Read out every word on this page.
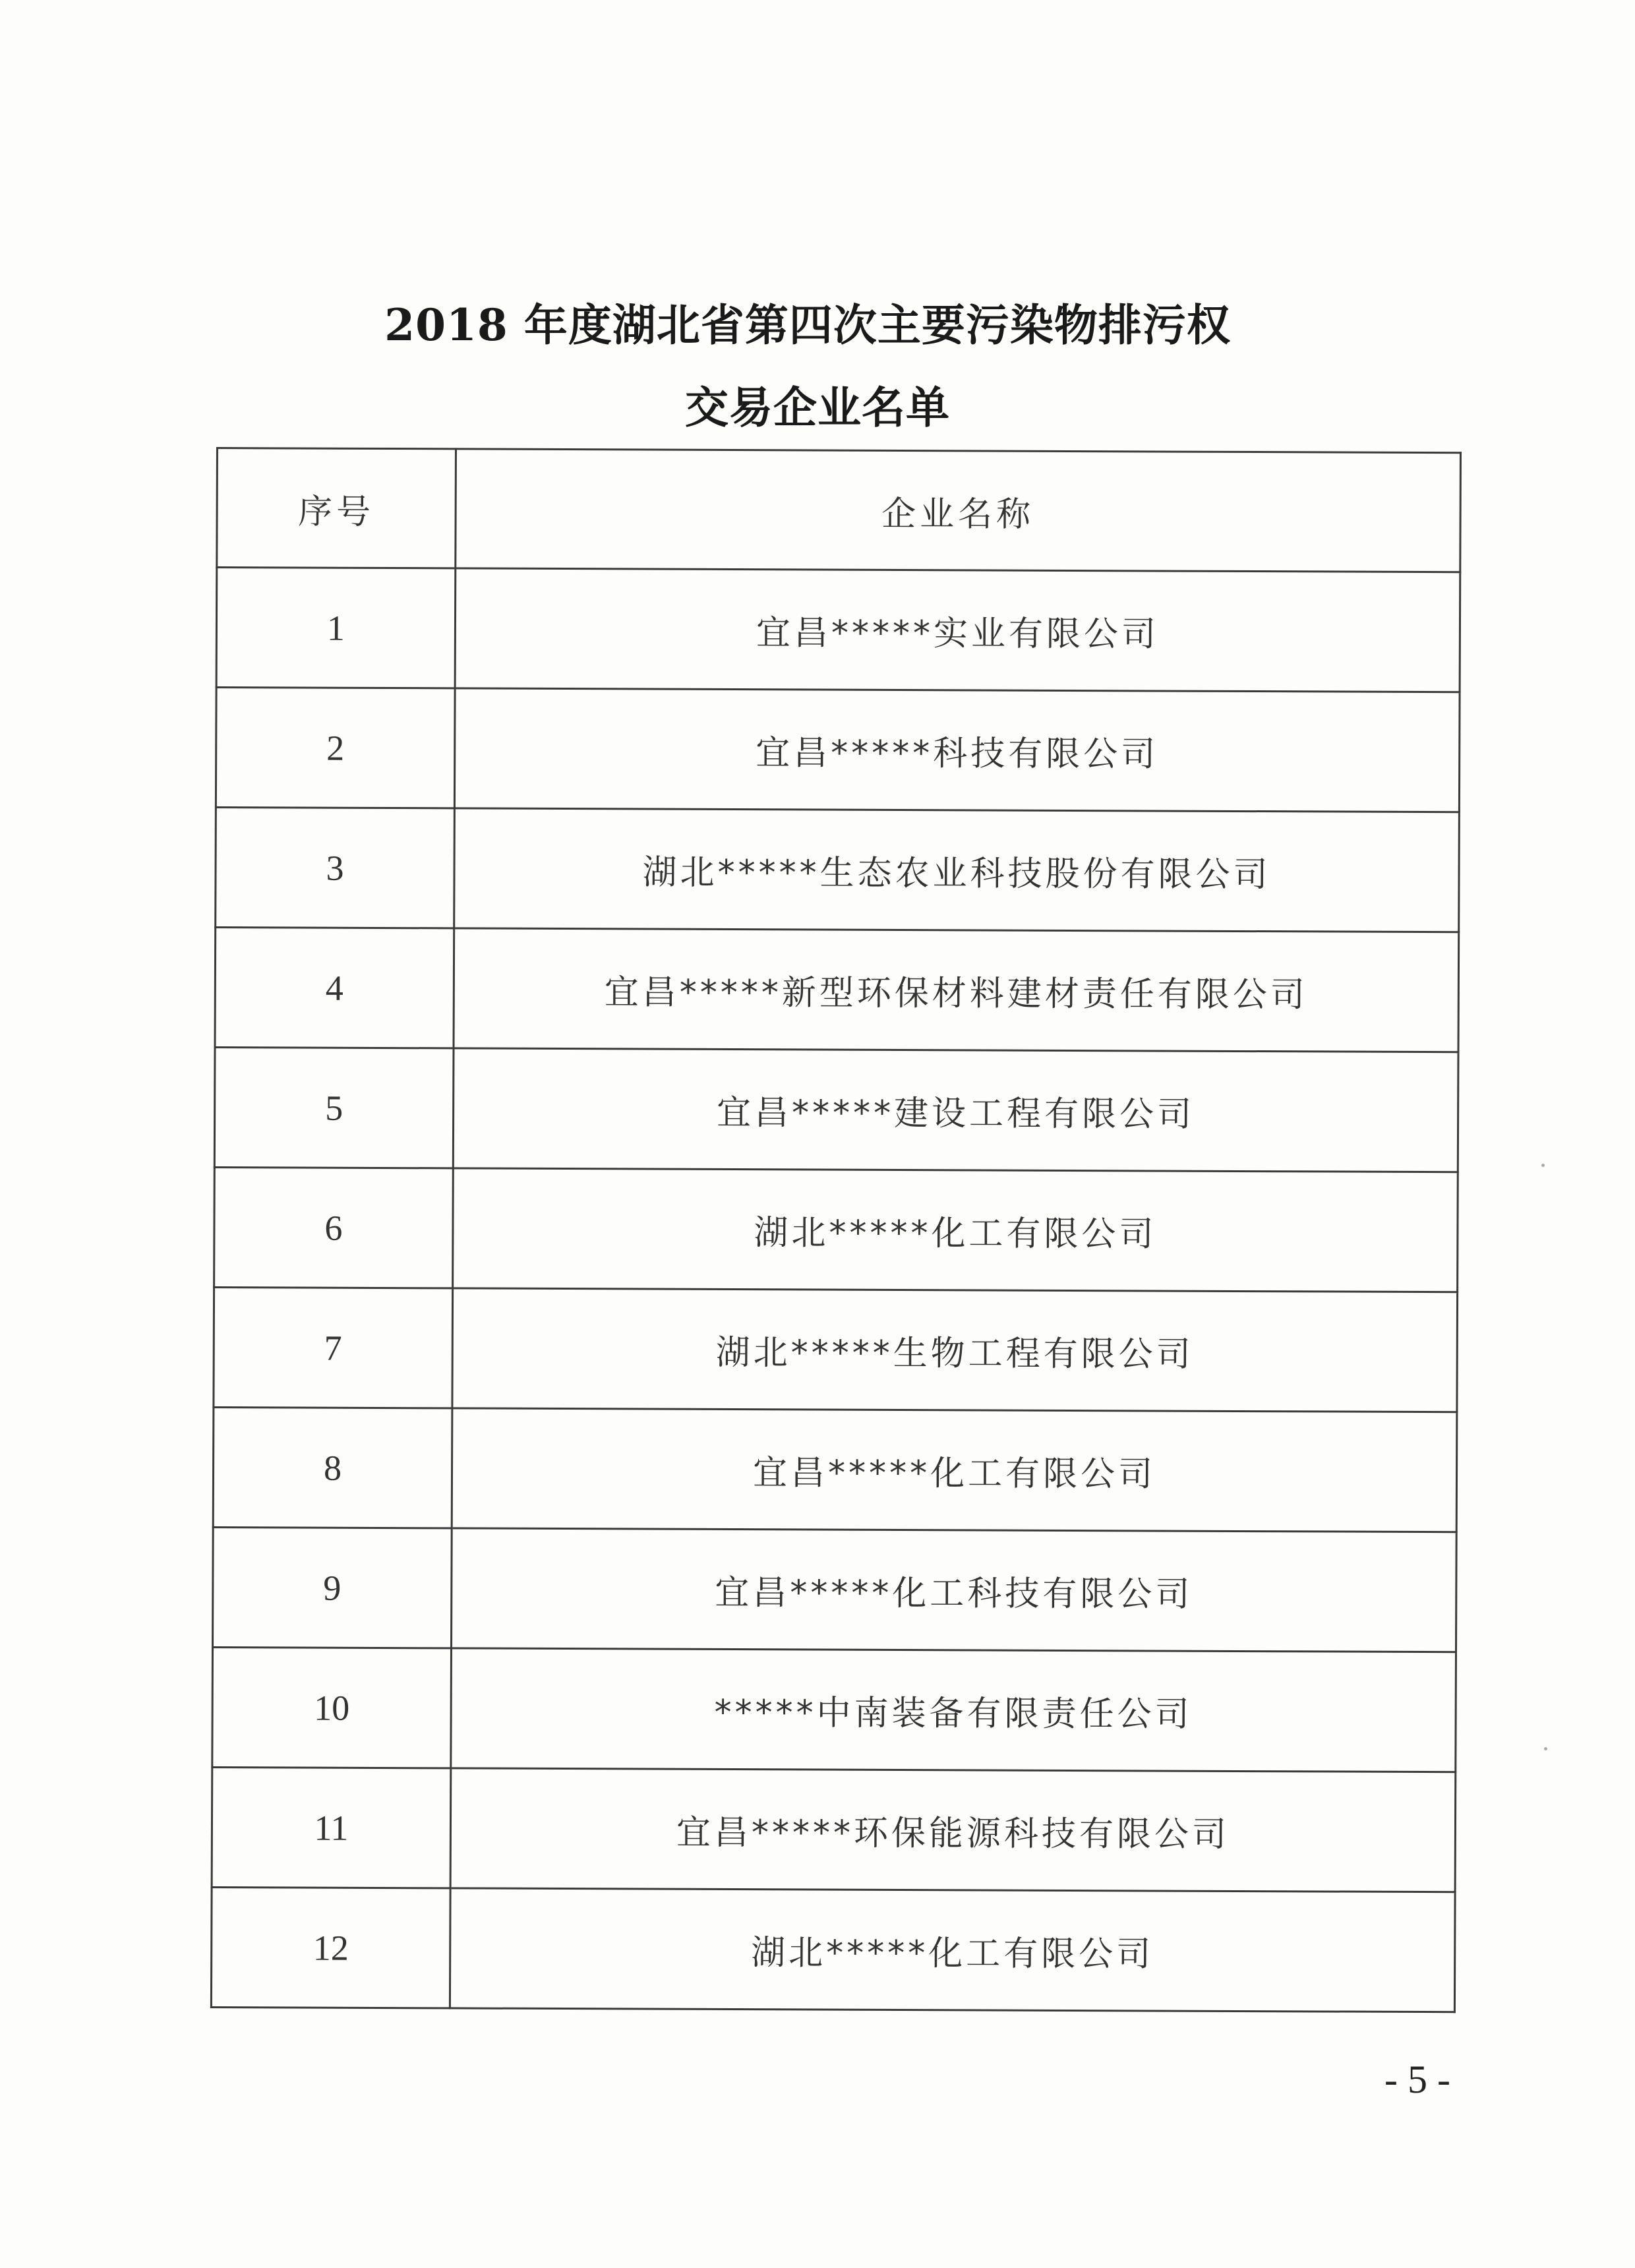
2018 年度湖北省第四次主要污染物排污权
交易企业名单
序号	企业名称
1	宜昌*****实业有限公司
2	宜昌*****科技有限公司
3	湖北*****生态农业科技股份有限公司
4	宜昌*****新型环保材料建材责任有限公司
5	宜昌*****建设工程有限公司
6	湖北*****化工有限公司
7	湖北*****生物工程有限公司
8	宜昌*****化工有限公司
9	宜昌*****化工科技有限公司
10	*****中南装备有限责任公司
11	宜昌*****环保能源科技有限公司
12	湖北*****化工有限公司
- 5 -
